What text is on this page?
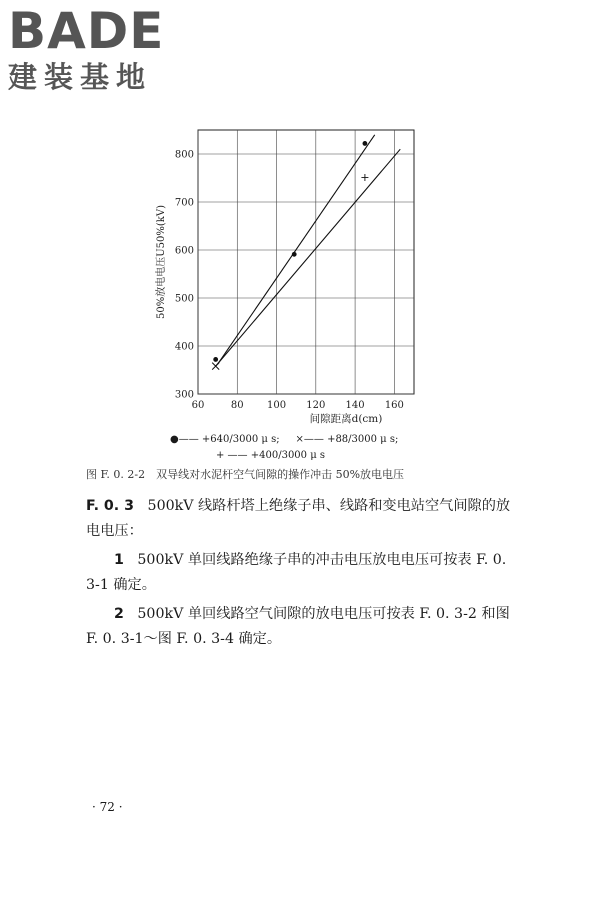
BADE
建装基地
60	80 100 120 140 160
300
400
500
600
700
800
间隙距离d(cm)
50%放电电压U50%(kV)
●—— +640/3000 μ s; ×—— +88/3000 μ s;
+ —— +400/3000 μ s
图 F. 0. 2-2　双导线对水泥杆空气间隙的操作冲击 50%放电电压

F. 0. 3 500kV 线路杆塔上绝缘子串、线路和变电站空气间隙的放电电压：

1 500kV 单回线路绝缘子串的冲击电压放电电压可按表 F. 0. 3-1 确定。

2 500kV 单回线路空气间隙的放电电压可按表 F. 0. 3-2 和图 F. 0. 3-1～图 F. 0. 3-4 确定。

· 72 ·
